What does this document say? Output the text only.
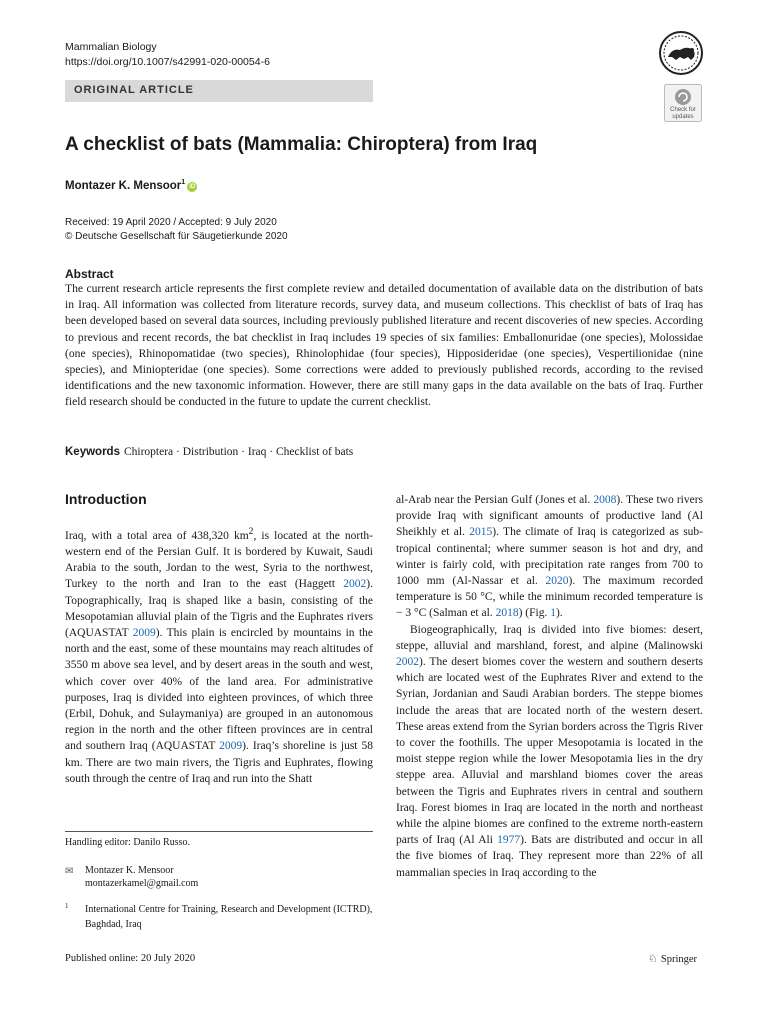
Mammalian Biology
https://doi.org/10.1007/s42991-020-00054-6
ORIGINAL ARTICLE
Check for updates
A checklist of bats (Mammalia: Chiroptera) from Iraq
Montazer K. Mensoor$^1$iD
Received: 19 April 2020 / Accepted: 9 July 2020
© Deutsche Gesellschaft für Säugetierkunde 2020
Abstract
The current research article represents the first complete review and detailed documentation of available data on the distribution of bats in Iraq. All information was collected from literature records, survey data, and museum collections. This checklist of bats of Iraq has been developed based on several data sources, including previously published literature and recent discoveries of new species. According to previous and recent records, the bat checklist in Iraq includes 19 species of six families: Emballonuridae (one species), Molossidae (one species), Rhinopomatidae (two species), Rhinolophidae (four species), Hipposideridae (one species), Vespertilionidae (nine species), and Miniopteridae (one species). Some corrections were added to previously published records, according to the revised identifications and the new taxonomic information. However, there are still many gaps in the data available on the bats of Iraq. Further field research should be conducted in the future to update the current checklist.
Keywords Chiroptera · Distribution · Iraq · Checklist of bats
Introduction

Iraq, with a total area of 438,320 $km^2$, is located at the north-western end of the Persian Gulf. It is bordered by Kuwait, Saudi Arabia to the south, Jordan to the west, Syria to the northwest, Turkey to the north and Iran to the east (Haggett 2002). Topographically, Iraq is shaped like a basin, consisting of the Mesopotamian alluvial plain of the Tigris and the Euphrates rivers (AQUASTAT 2009). This plain is encircled by mountains in the north and the east, some of these mountains may reach altitudes of 3550 m above sea level, and by desert areas in the south and west, which cover over 40% of the land area. For administrative purposes, Iraq is divided into eighteen provinces, of which three (Erbil, Dohuk, and Sulaymaniya) are grouped in an autonomous region in the north and the other fifteen provinces are in central and southern Iraq (AQUASTAT 2009). Iraq’s shoreline is just 58 km. There are two main rivers, the Tigris and Euphrates, flowing south through the centre of Iraq and run into the Shatt

al-Arab near the Persian Gulf (Jones et al. 2008). These two rivers provide Iraq with significant amounts of productive land (Al Sheikhly et al. 2015). The climate of Iraq is categorized as sub-tropical continental; where summer season is hot and dry, and winter is fairly cold, with precipitation rate ranges from 700 to 1000 mm (Al-Nassar et al. 2020). The maximum recorded temperature is 50 °C, while the minimum recorded temperature is − 3 °C (Salman et al. 2018) (Fig. 1).

Biogeographically, Iraq is divided into five biomes: desert, steppe, alluvial and marshland, forest, and alpine (Malinowski 2002). The desert biomes cover the western and southern deserts which are located west of the Euphrates River and extend to the Syrian, Jordanian and Saudi Arabian borders. The steppe biomes include the areas that are located north of the western desert. These areas extend from the Syrian borders across the Tigris River to cover the foothills. The upper Mesopotamia is located in the moist steppe region while the lower Mesopotamia lies in the dry steppe area. Alluvial and marshland biomes cover the areas between the Tigris and Euphrates rivers in central and southern Iraq. Forest biomes in Iraq are located in the north and northeast while the alpine biomes are confined to the extreme north-eastern parts of Iraq (Al Ali 1977). Bats are distributed and occur in all the five biomes of Iraq. They represent more than 22% of all mammalian species in Iraq according to the

Handling editor: Danilo Russo.
✉ Montazer K. Mensoor
montazerkamel@gmail.com
1 International Centre for Training, Research and Development (ICTRD), Baghdad, Iraq
Published online: 20 July 2020	♘ Springer
